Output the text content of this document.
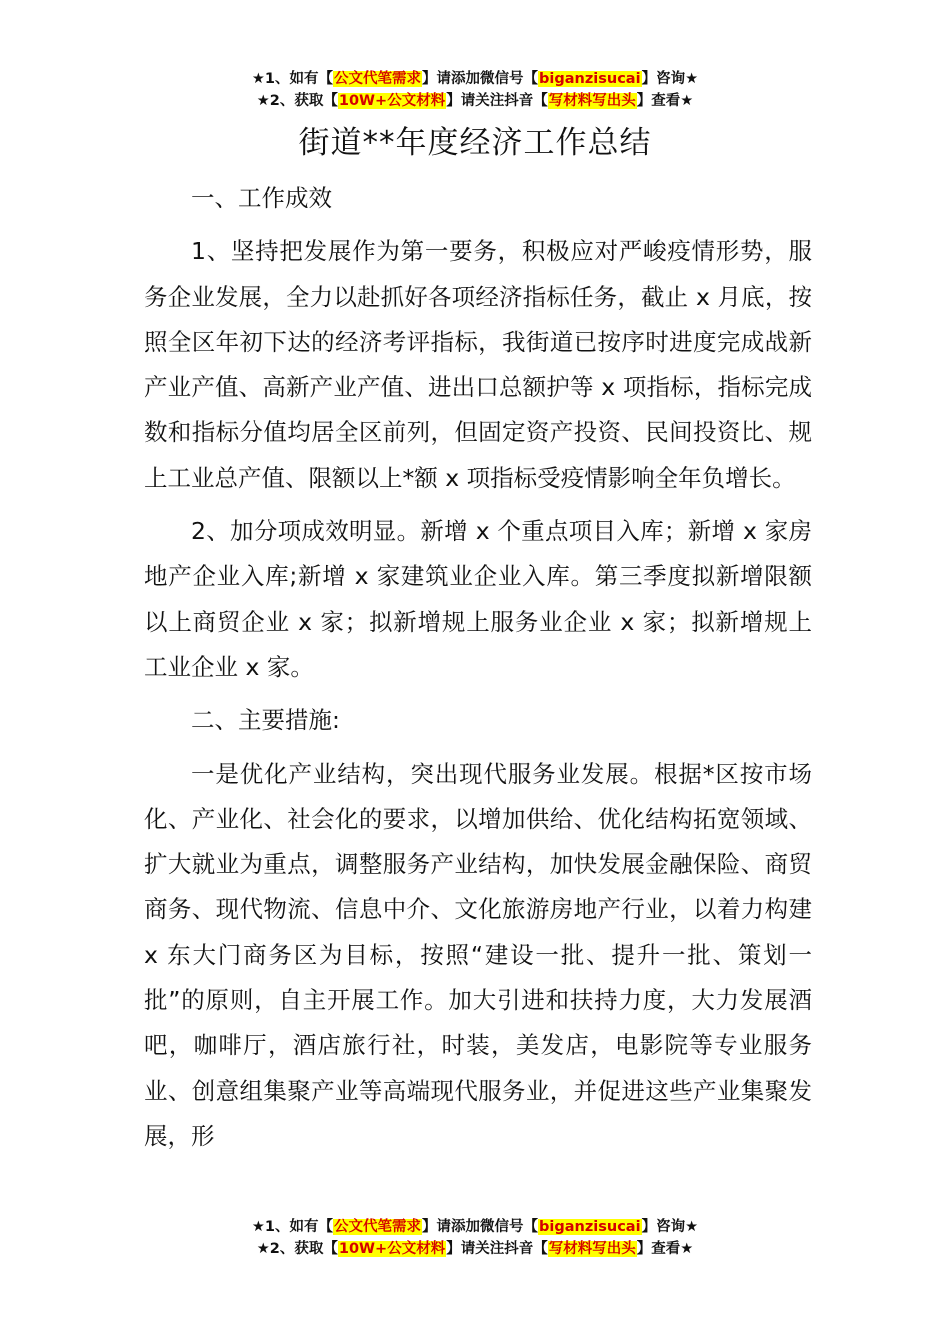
★1、如有【公文代笔需求】请添加微信号【biganzisucai】咨询★
★2、获取【10W+公文材料】请关注抖音【写材料写出头】查看★
街道**年度经济工作总结

一、工作成效

1、坚持把发展作为第一要务，积极应对严峻疫情形势，服务企业发展，全力以赴抓好各项经济指标任务，截止 x 月底，按照全区年初下达的经济考评指标，我街道已按序时进度完成战新产业产值、高新产业产值、进出口总额护等 x 项指标，指标完成数和指标分值均居全区前列，但固定资产投资、民间投资比、规上工业总产值、限额以上*额 x 项指标受疫情影响全年负增长。

2、加分项成效明显。新增 x 个重点项目入库；新增 x 家房地产企业入库;新增 x 家建筑业企业入库。第三季度拟新增限额以上商贸企业 x 家；拟新增规上服务业企业 x 家；拟新增规上工业企业 x 家。

二、主要措施:

一是优化产业结构，突出现代服务业发展。根据*区按市场化、产业化、社会化的要求，以增加供给、优化结构拓宽领域、扩大就业为重点，调整服务产业结构，加快发展金融保险、商贸商务、现代物流、信息中介、文化旅游房地产行业，以着力构建 x 东大门商务区为目标，按照“建设一批、提升一批、策划一批”的原则，自主开展工作。加大引进和扶持力度，大力发展酒吧，咖啡厅，酒店旅行社，时装，美发店，电影院等专业服务业、创意组集聚产业等高端现代服务业，并促进这些产业集聚发展，形

★1、如有【公文代笔需求】请添加微信号【biganzisucai】咨询★
★2、获取【10W+公文材料】请关注抖音【写材料写出头】查看★
